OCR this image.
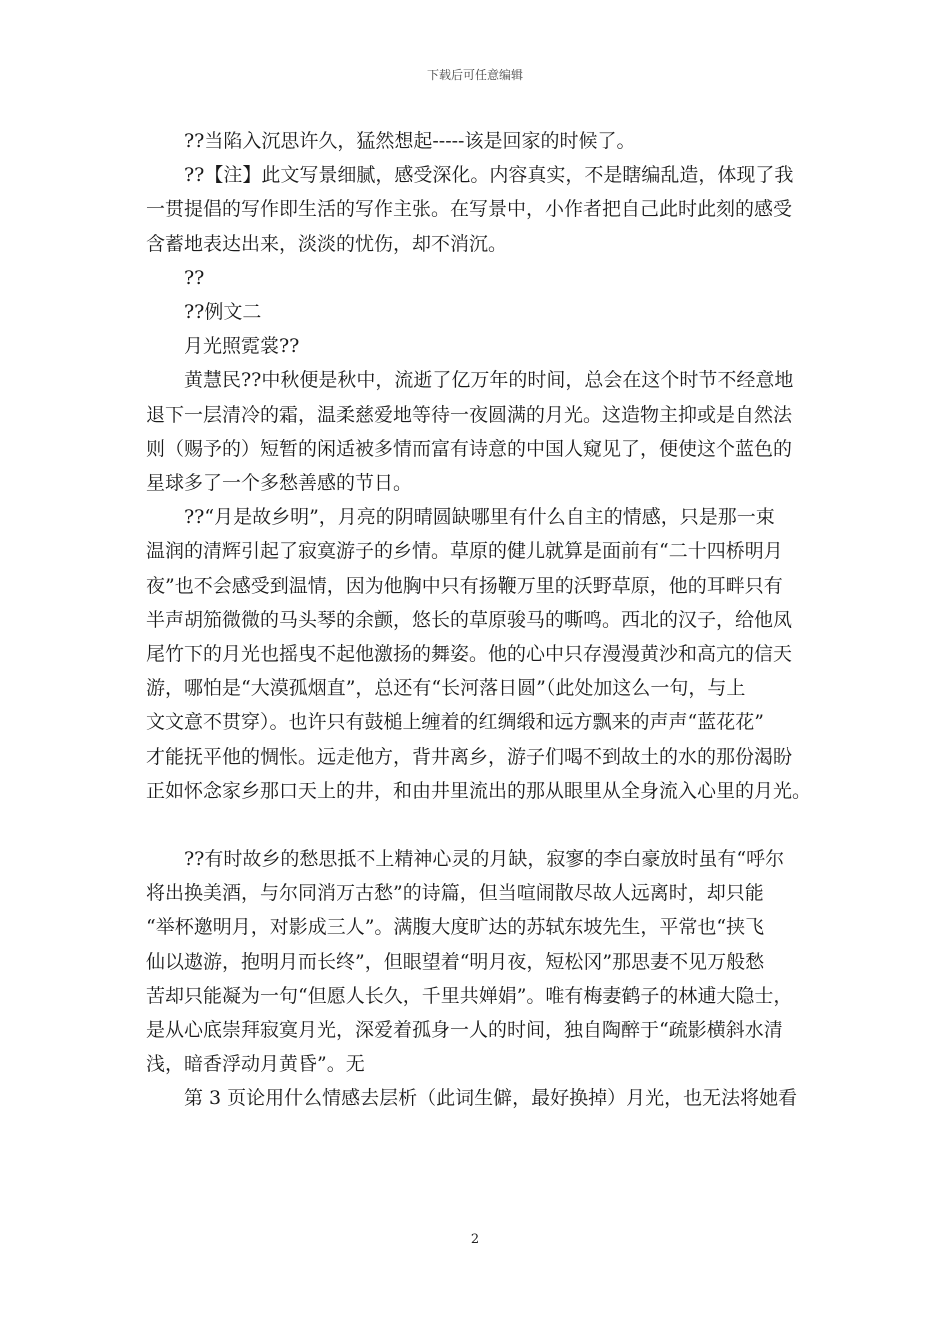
下载后可任意编辑
??当陷入沉思许久，猛然想起-----该是回家的时候了。
??【注】此文写景细腻，感受深化。内容真实，不是瞎编乱造，体现了我
一贯提倡的写作即生活的写作主张。在写景中，小作者把自己此时此刻的感受
含蓄地表达出来，淡淡的忧伤，却不消沉。
??
??例文二
月光照霓裳??
黄慧民??中秋便是秋中，流逝了亿万年的时间，总会在这个时节不经意地
退下一层清冷的霜，温柔慈爱地等待一夜圆满的月光。这造物主抑或是自然法
则（赐予的）短暂的闲适被多情而富有诗意的中国人窥见了，便使这个蓝色的
星球多了一个多愁善感的节日。
??“月是故乡明”，月亮的阴晴圆缺哪里有什么自主的情感，只是那一束
温润的清辉引起了寂寞游子的乡情。草原的健儿就算是面前有“二十四桥明月
夜”也不会感受到温情，因为他胸中只有扬鞭万里的沃野草原，他的耳畔只有
半声胡笳微微的马头琴的余颤，悠长的草原骏马的嘶鸣。西北的汉子，给他凤
尾竹下的月光也摇曳不起他激扬的舞姿。他的心中只存漫漫黄沙和高亢的信天
游，哪怕是“大漠孤烟直”，总还有“长河落日圆”（此处加这么一句，与上
文文意不贯穿）。也许只有鼓槌上缠着的红绸缎和远方飘来的声声“蓝花花”
才能抚平他的惆怅。远走他方，背井离乡，游子们喝不到故土的水的那份渴盼
正如怀念家乡那口天上的井，和由井里流出的那从眼里从全身流入心里的月光。
??有时故乡的愁思抵不上精神心灵的月缺，寂寥的李白豪放时虽有“呼尔
将出换美酒，与尔同消万古愁”的诗篇，但当喧闹散尽故人远离时，却只能
“举杯邀明月，对影成三人”。满腹大度旷达的苏轼东坡先生，平常也“挟飞
仙以遨游，抱明月而长终”，但眼望着“明月夜，短松冈”那思妻不见万般愁
苦却只能凝为一句“但愿人长久，千里共婵娟”。唯有梅妻鹤子的林逋大隐士，
是从心底崇拜寂寞月光，深爱着孤身一人的时间，独自陶醉于“疏影横斜水清
浅，暗香浮动月黄昏”。无
第 3 页论用什么情感去层析（此词生僻，最好换掉）月光，也无法将她看
2
